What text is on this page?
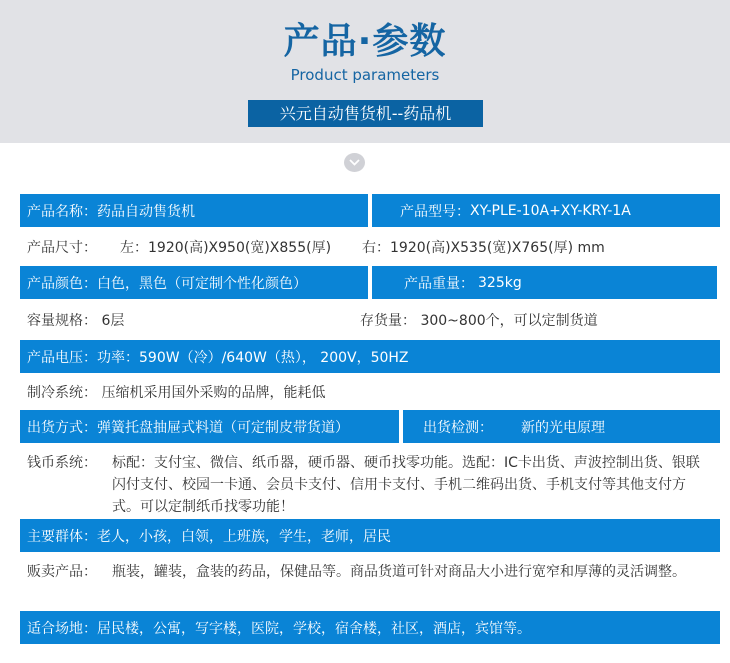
产品·参数
Product parameters
兴元自动售货机--药品机
产品名称： 药品自动售货机	产品型号： XY-PLE-10A+XY-KRY-1A
产品尺寸： 左：1920(高)X950(宽)X855(厚) 右：1920(高)X535(宽)X765(厚) mm
产品颜色： 白色，黑色（可定制个性化颜色）	产品重量： 325kg
容量规格： 6层	存货量： 300~800个，可以定制货道
产品电压： 功率：590W（冷）/640W（热）， 200V，50HZ
制冷系统： 压缩机采用国外采购的品牌，能耗低
出货方式： 弹簧托盘抽屉式料道（可定制皮带货道）	出货检测： 新的光电原理
钱币系统： 标配：支付宝、微信、纸币器，硬币器、硬币找零功能。选配：IC卡出货、声波控制出货、银联闪付支付、校园一卡通、会员卡支付、信用卡支付、手机二维码出货、手机支付等其他支付方式。可以定制纸币找零功能！
主要群体： 老人，小孩，白领，上班族，学生，老师，居民
贩卖产品： 瓶装，罐装，盒装的药品，保健品等。商品货道可针对商品大小进行宽窄和厚薄的灵活调整。
适合场地： 居民楼，公寓，写字楼，医院，学校，宿舍楼，社区，酒店，宾馆等。
